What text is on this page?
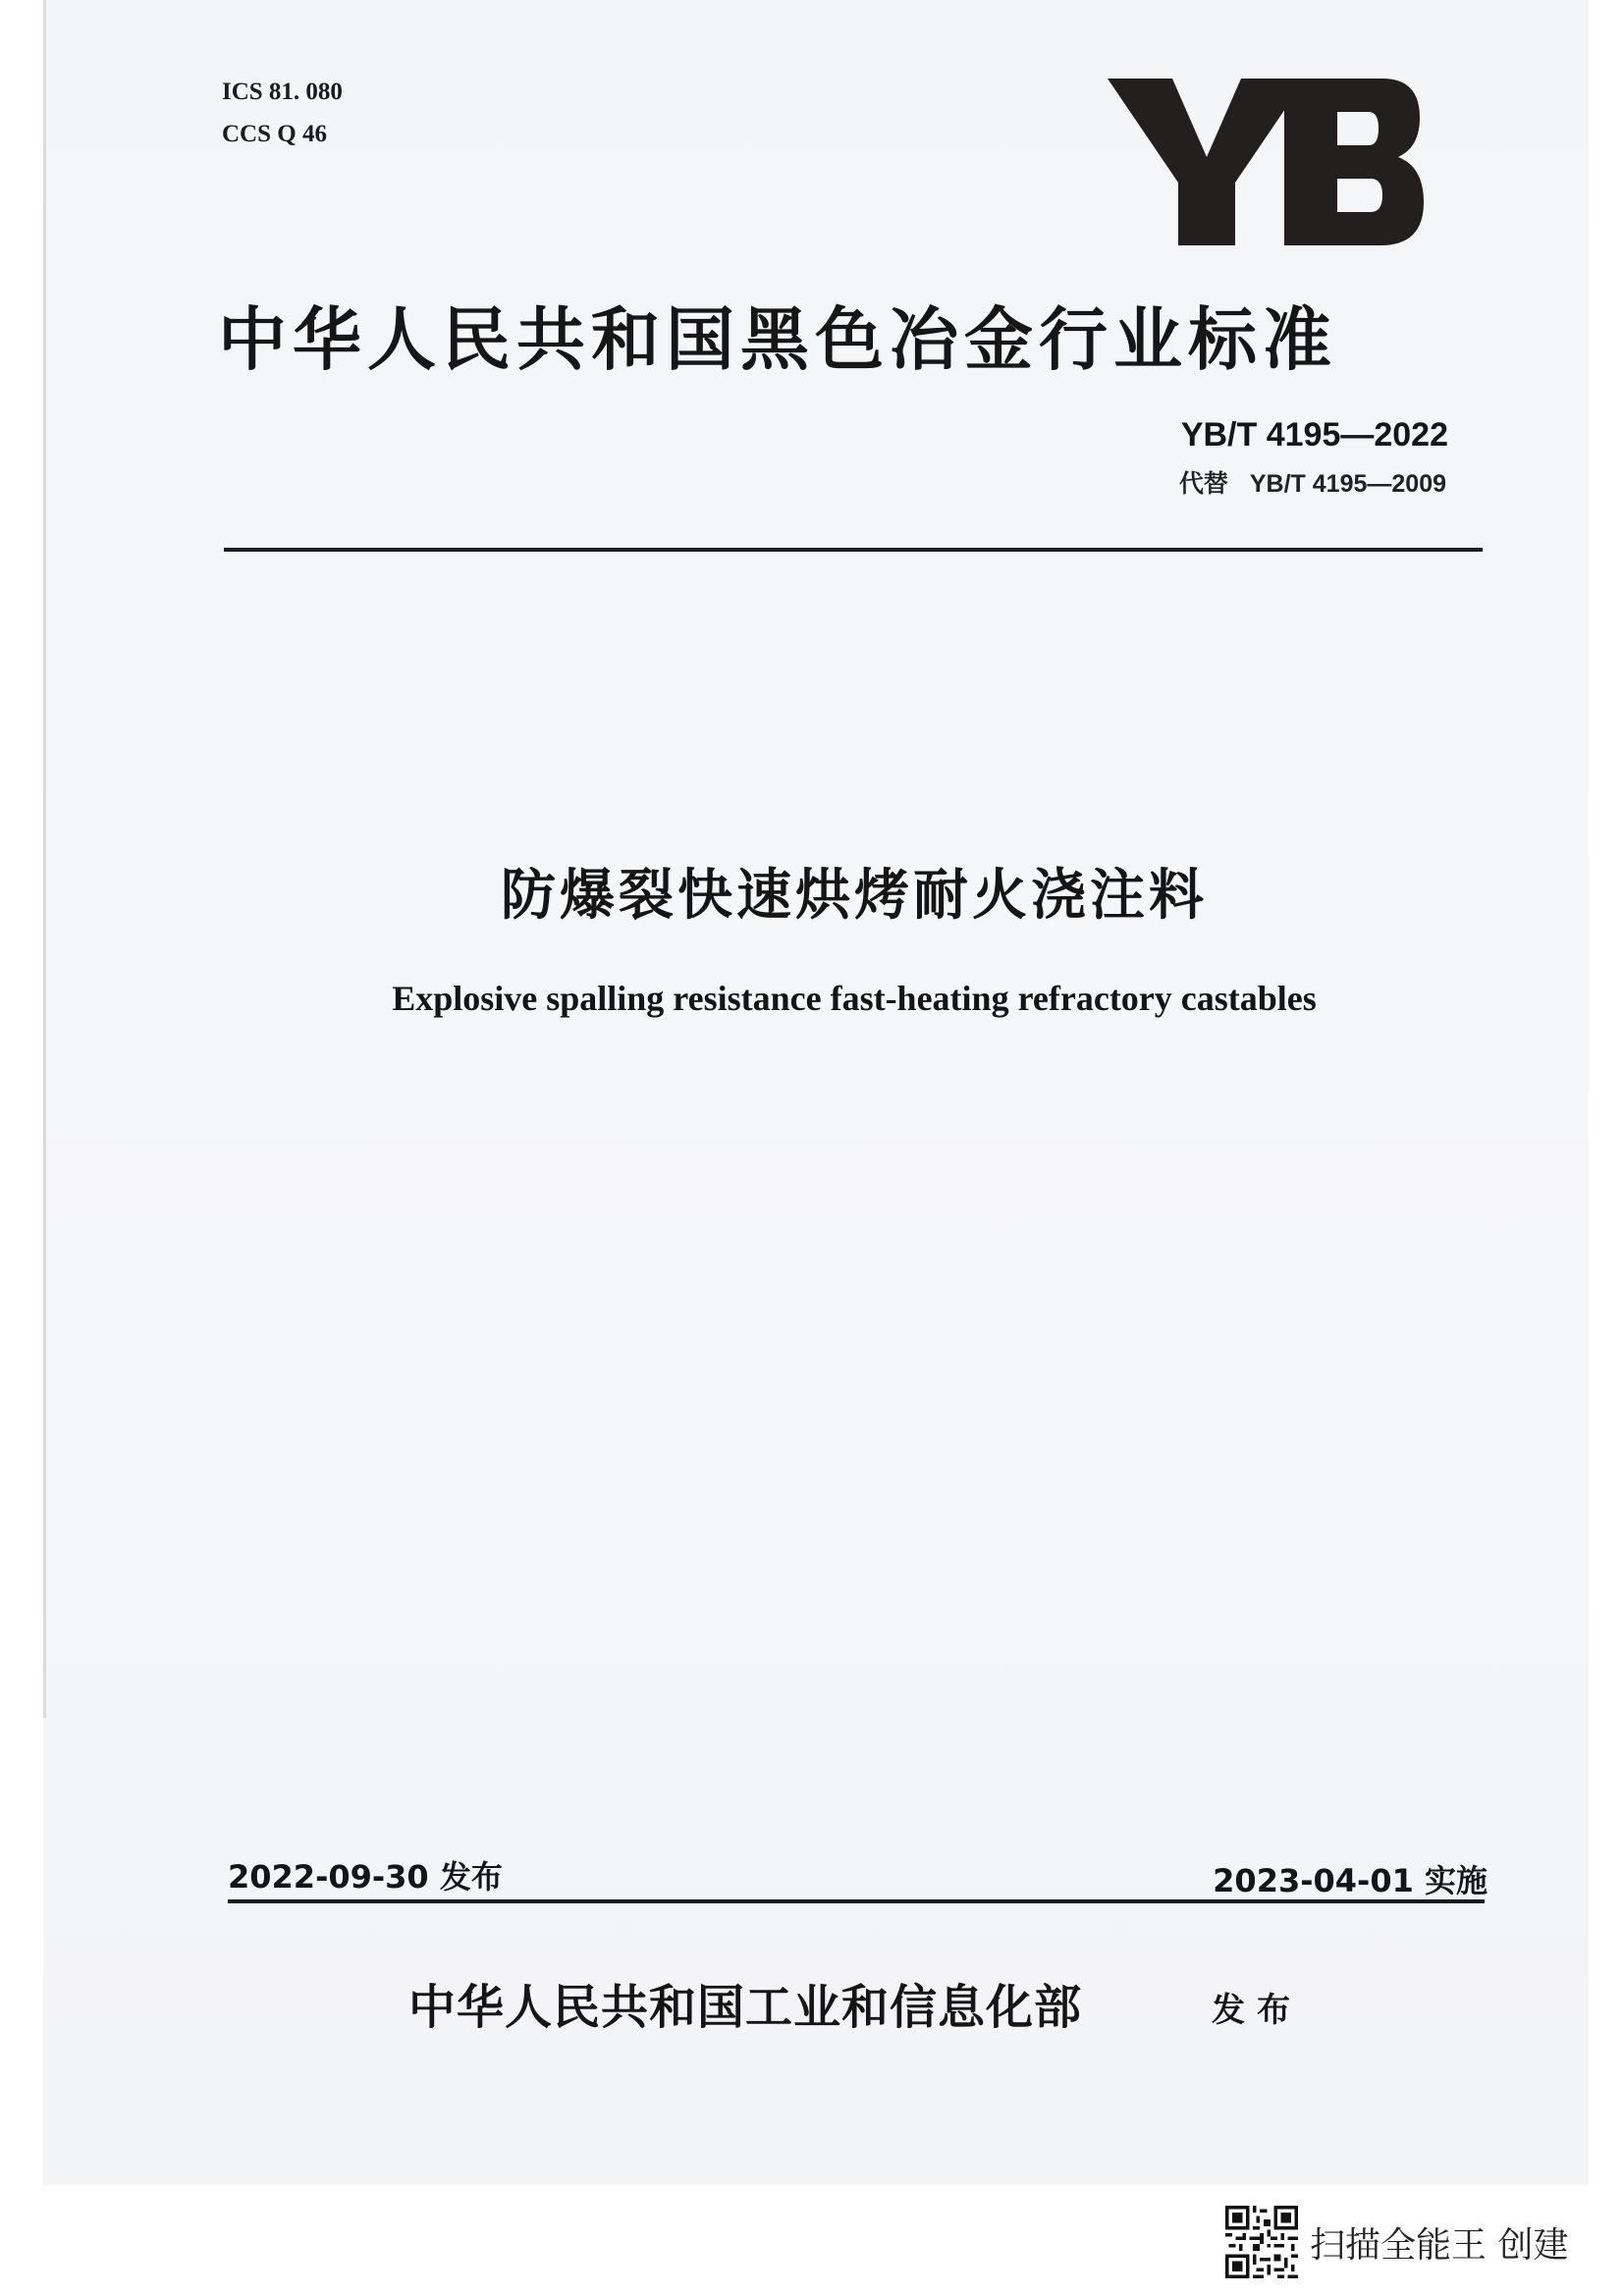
ICS 81. 080
CCS Q 46
中华人民共和国黑色冶金行业标准
YB/T 4195—2022
代替 YB/T 4195—2009
防爆裂快速烘烤耐火浇注料
Explosive spalling resistance fast-heating refractory castables
2022-09-30 发布	2023-04-01 实施
中华人民共和国工业和信息化部	发布
扫描全能王 创建
